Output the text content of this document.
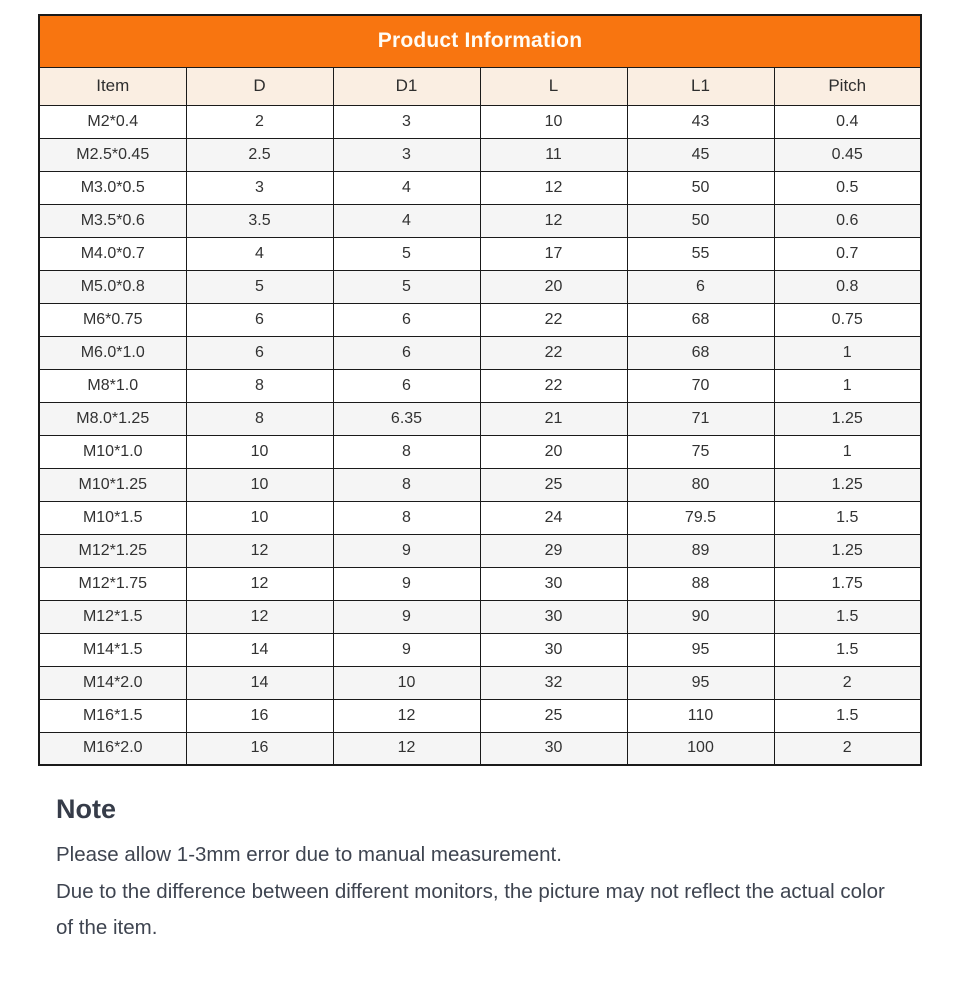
Product Information					
Item	D	D1	L	L1	Pitch
M2*0.4	2	3	10	43	0.4
M2.5*0.45	2.5	3	11	45	0.45
M3.0*0.5	3	4	12	50	0.5
M3.5*0.6	3.5	4	12	50	0.6
M4.0*0.7	4	5	17	55	0.7
M5.0*0.8	5	5	20	6	0.8
M6*0.75	6	6	22	68	0.75
M6.0*1.0	6	6	22	68	1
M8*1.0	8	6	22	70	1
M8.0*1.25	8	6.35	21	71	1.25
M10*1.0	10	8	20	75	1
M10*1.25	10	8	25	80	1.25
M10*1.5	10	8	24	79.5	1.5
M12*1.25	12	9	29	89	1.25
M12*1.75	12	9	30	88	1.75
M12*1.5	12	9	30	90	1.5
M14*1.5	14	9	30	95	1.5
M14*2.0	14	10	32	95	2
M16*1.5	16	12	25	110	1.5
M16*2.0	16	12	30	100	2
Note

Please allow 1-3mm error due to manual measurement.

Due to the difference between different monitors, the picture may not reflect the actual color of the item.
